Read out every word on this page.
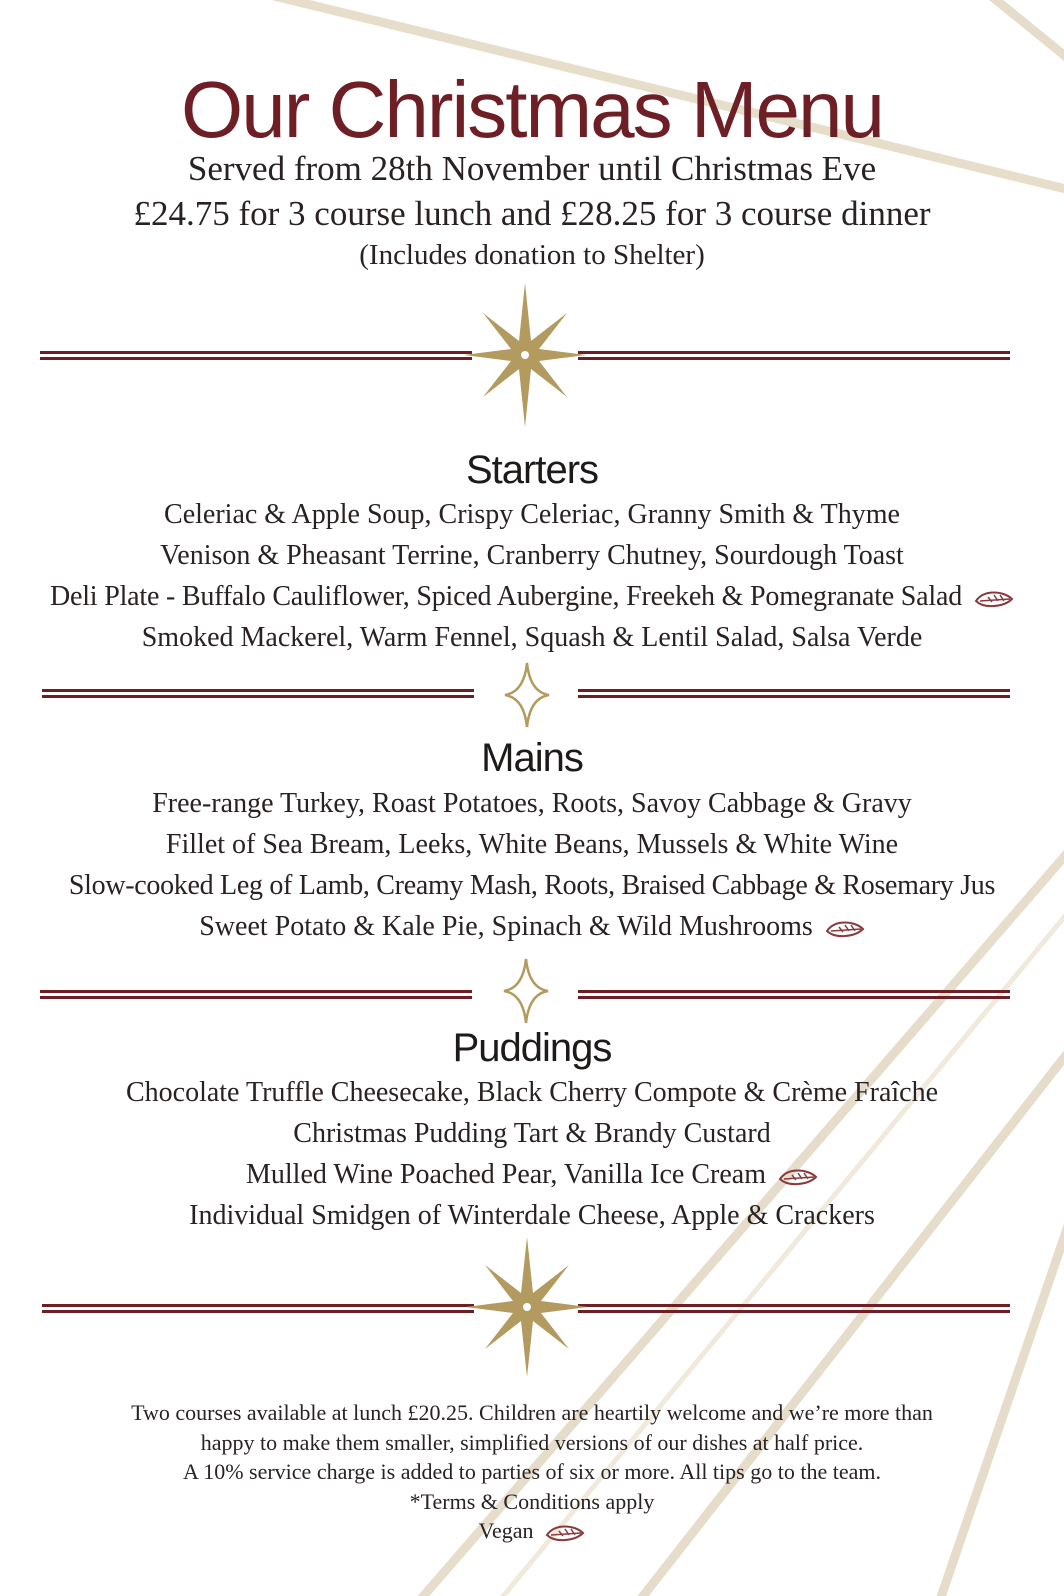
Our Christmas Menu
Served from 28th November until Christmas Eve
£24.75 for 3 course lunch and £28.25 for 3 course dinner
(Includes donation to Shelter)
Starters
Celeriac & Apple Soup, Crispy Celeriac, Granny Smith & Thyme
Venison & Pheasant Terrine, Cranberry Chutney, Sourdough Toast
Deli Plate - Buffalo Cauliflower, Spiced Aubergine, Freekeh & Pomegranate Salad
Smoked Mackerel, Warm Fennel, Squash & Lentil Salad, Salsa Verde
Mains
Free-range Turkey, Roast Potatoes, Roots, Savoy Cabbage & Gravy
Fillet of Sea Bream, Leeks, White Beans, Mussels & White Wine
Slow-cooked Leg of Lamb, Creamy Mash, Roots, Braised Cabbage & Rosemary Jus
Sweet Potato & Kale Pie, Spinach & Wild Mushrooms
Puddings
Chocolate Truffle Cheesecake, Black Cherry Compote & Crème Fraîche
Christmas Pudding Tart & Brandy Custard
Mulled Wine Poached Pear, Vanilla Ice Cream
Individual Smidgen of Winterdale Cheese, Apple & Crackers
Two courses available at lunch £20.25. Children are heartily welcome and we’re more than
happy to make them smaller, simplified versions of our dishes at half price.
A 10% service charge is added to parties of six or more. All tips go to the team.
*Terms & Conditions apply
Vegan
